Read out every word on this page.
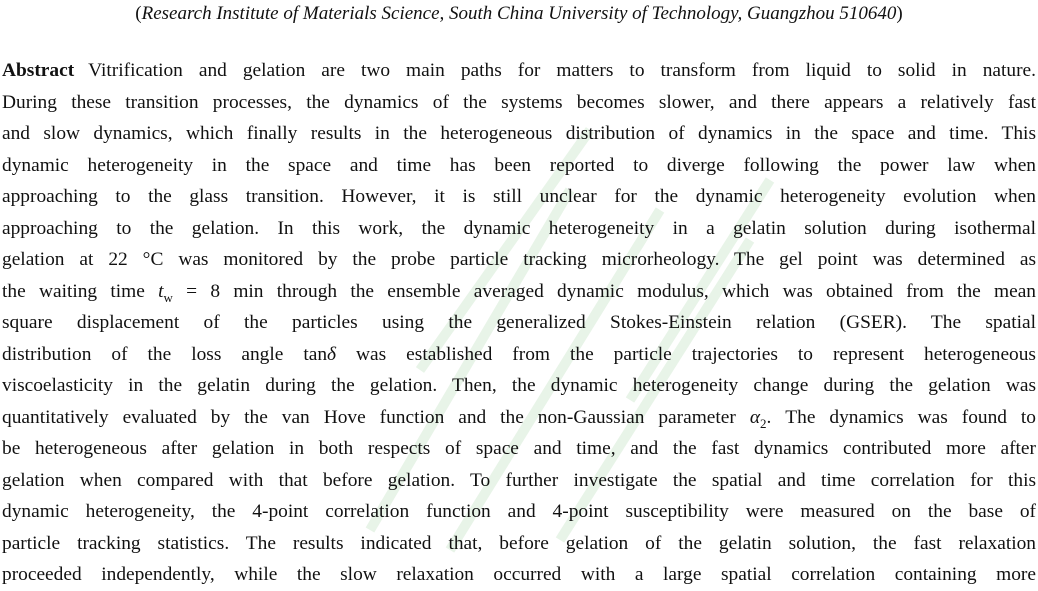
(Research Institute of Materials Science, South China University of Technology, Guangzhou 510640)
Abstract Vitrification and gelation are two main paths for matters to transform from liquid to solid in nature.
During these transition processes, the dynamics of the systems becomes slower, and there appears a relatively fast
and slow dynamics, which finally results in the heterogeneous distribution of dynamics in the space and time. This
dynamic heterogeneity in the space and time has been reported to diverge following the power law when
approaching to the glass transition. However, it is still unclear for the dynamic heterogeneity evolution when
approaching to the gelation. In this work, the dynamic heterogeneity in a gelatin solution during isothermal
gelation at 22 °C was monitored by the probe particle tracking microrheology. The gel point was determined as
the waiting time $t_w = 8$ min through the ensemble averaged dynamic modulus, which was obtained from the mean
square displacement of the particles using the generalized Stokes-Einstein relation (GSER). The spatial
distribution of the loss angle tanδ was established from the particle trajectories to represent heterogeneous
viscoelasticity in the gelatin during the gelation. Then, the dynamic heterogeneity change during the gelation was
quantitatively evaluated by the van Hove function and the non-Gaussian parameter $\alpha_2$. The dynamics was found to
be heterogeneous after gelation in both respects of space and time, and the fast dynamics contributed more after
gelation when compared with that before gelation. To further investigate the spatial and time correlation for this
dynamic heterogeneity, the 4-point correlation function and 4-point susceptibility were measured on the base of
particle tracking statistics. The results indicated that, before gelation of the gelatin solution, the fast relaxation
proceeded independently, while the slow relaxation occurred with a large spatial correlation containing more
